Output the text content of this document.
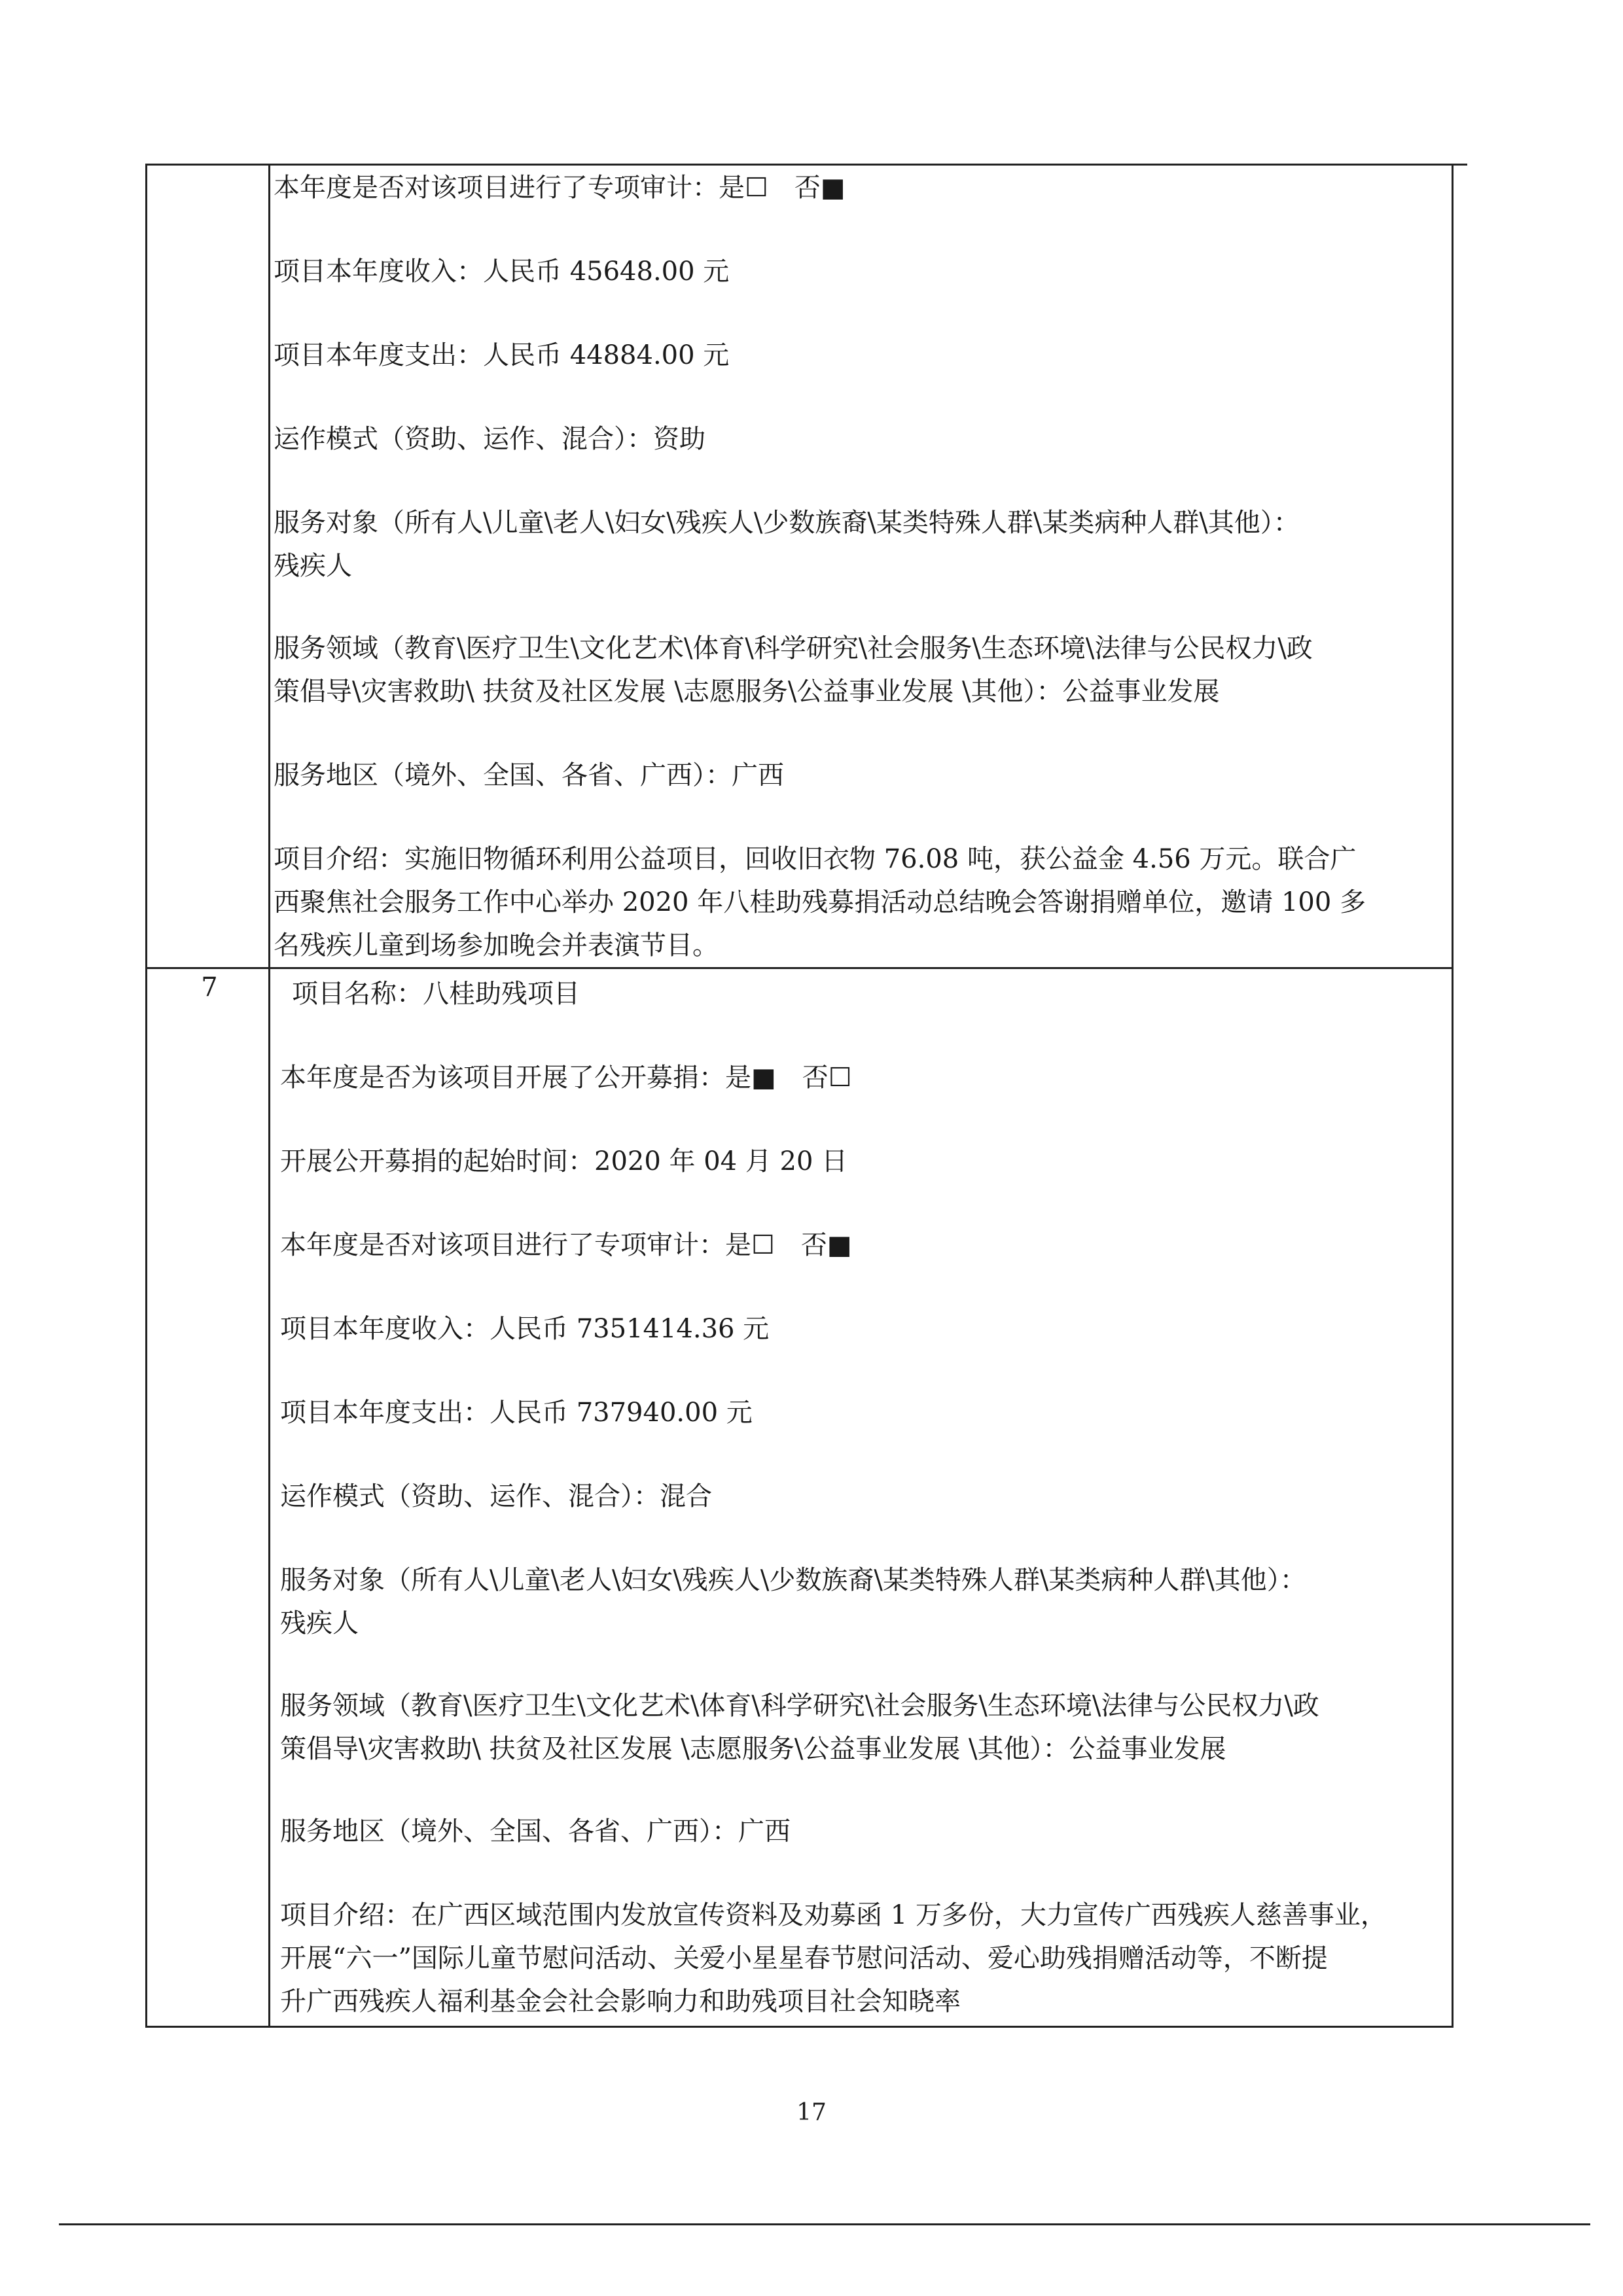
本年度是否对该项目进行了专项审计：是☐　否■

项目本年度收入：人民币 45648.00 元

项目本年度支出：人民币 44884.00 元

运作模式（资助、运作、混合）：资助

服务对象（所有人\儿童\老人\妇女\残疾人\少数族裔\某类特殊人群\某类病种人群\其他）：

残疾人

服务领域（教育\医疗卫生\文化艺术\体育\科学研究\社会服务\生态环境\法律与公民权力\政

策倡导\灾害救助\ 扶贫及社区发展 \志愿服务\公益事业发展 \其他）：公益事业发展

服务地区（境外、全国、各省、广西）：广西

项目介绍：实施旧物循环利用公益项目，回收旧衣物 76.08 吨，获公益金 4.56 万元。联合广

西聚焦社会服务工作中心举办 2020 年八桂助残募捐活动总结晚会答谢捐赠单位，邀请 100 多

名残疾儿童到场参加晚会并表演节目。

7	项目名称：八桂助残项目

本年度是否为该项目开展了公开募捐：是■　否☐

开展公开募捐的起始时间：2020 年 04 月 20 日

本年度是否对该项目进行了专项审计：是☐　否■

项目本年度收入：人民币 7351414.36 元

项目本年度支出：人民币 737940.00 元

运作模式（资助、运作、混合）：混合

服务对象（所有人\儿童\老人\妇女\残疾人\少数族裔\某类特殊人群\某类病种人群\其他）：

残疾人

服务领域（教育\医疗卫生\文化艺术\体育\科学研究\社会服务\生态环境\法律与公民权力\政

策倡导\灾害救助\ 扶贫及社区发展 \志愿服务\公益事业发展 \其他）：公益事业发展

服务地区（境外、全国、各省、广西）：广西

项目介绍：在广西区域范围内发放宣传资料及劝募函 1 万多份，大力宣传广西残疾人慈善事业，

开展“六一”国际儿童节慰问活动、关爱小星星春节慰问活动、爱心助残捐赠活动等，不断提

升广西残疾人福利基金会社会影响力和助残项目社会知晓率

17
